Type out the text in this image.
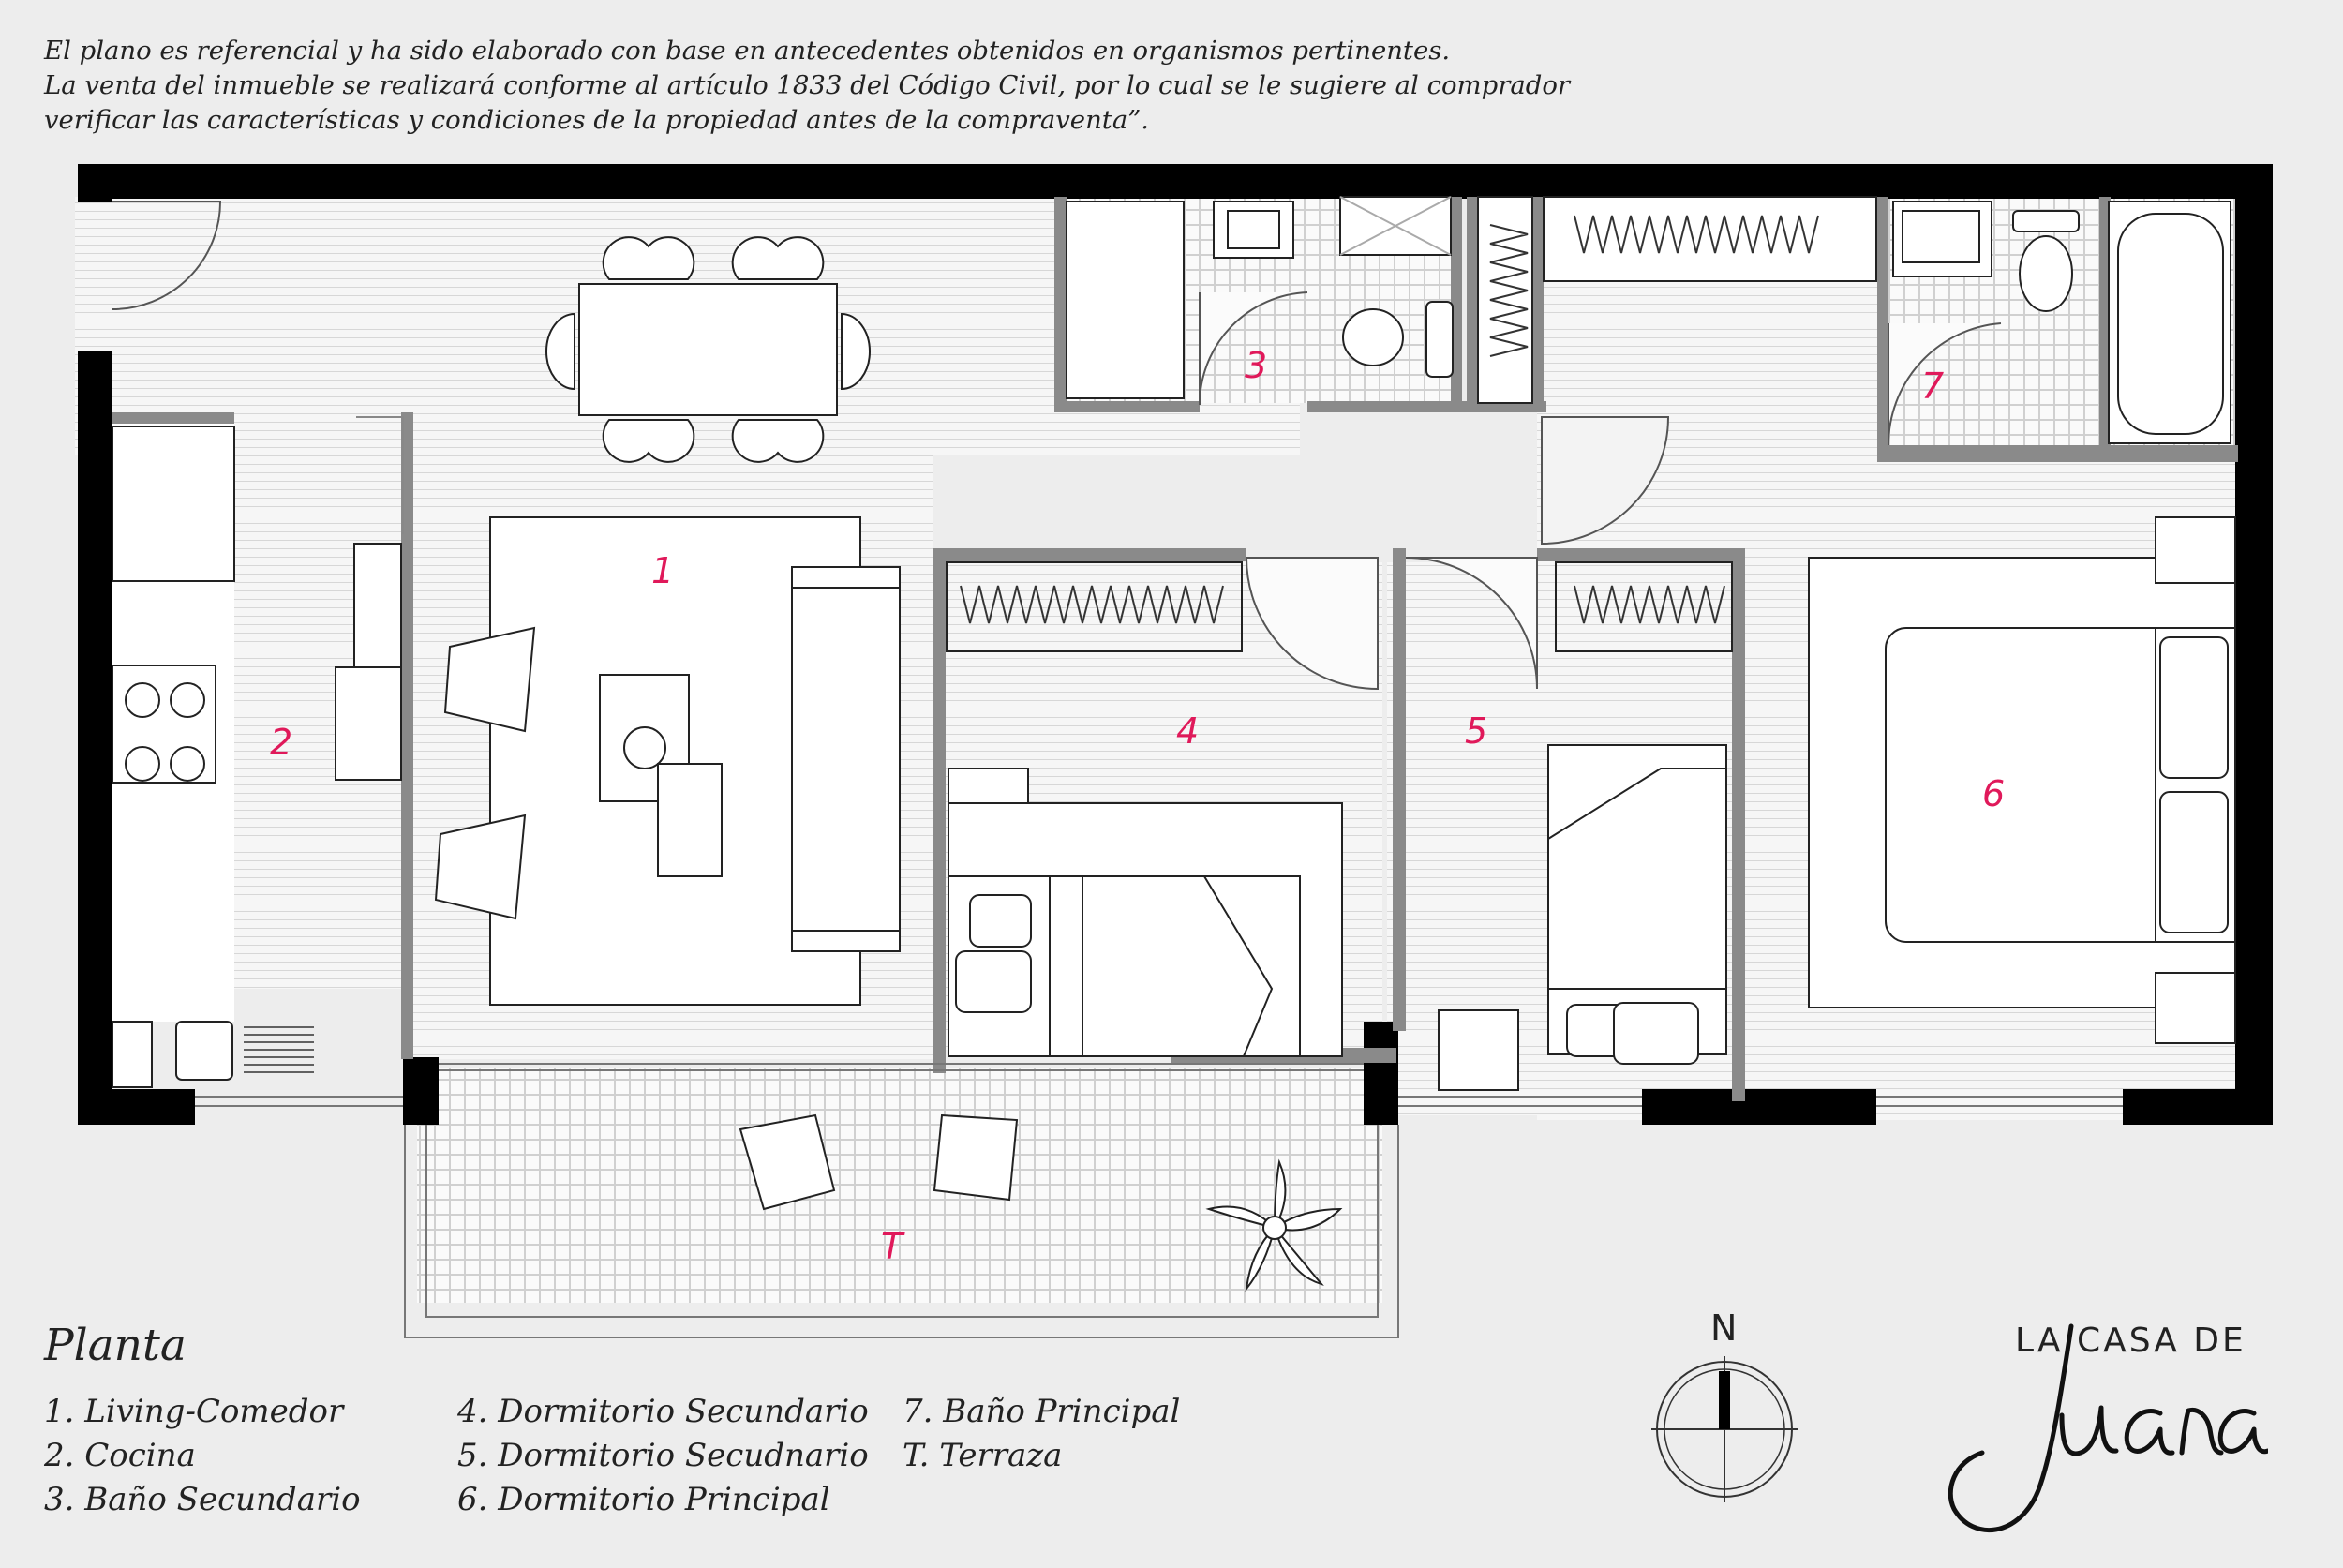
El plano es referencial y ha sido elaborado con base en antecedentes obtenidos en organismos pertinentes.
La venta del inmueble se realizará conforme al artículo 1833 del Código Civil, por lo cual se le sugiere al comprador
verificar las características y condiciones de la propiedad antes de la compraventa”.
1
2
3
4	5
6
7
T
Planta
1. Living-Comedor
2. Cocina
3. Baño Secundario
4. Dormitorio Secundario
5. Dormitorio Secudnario
6. Dormitorio Principal
7. Baño Principal
T. Terraza
N	LA CASA DE
